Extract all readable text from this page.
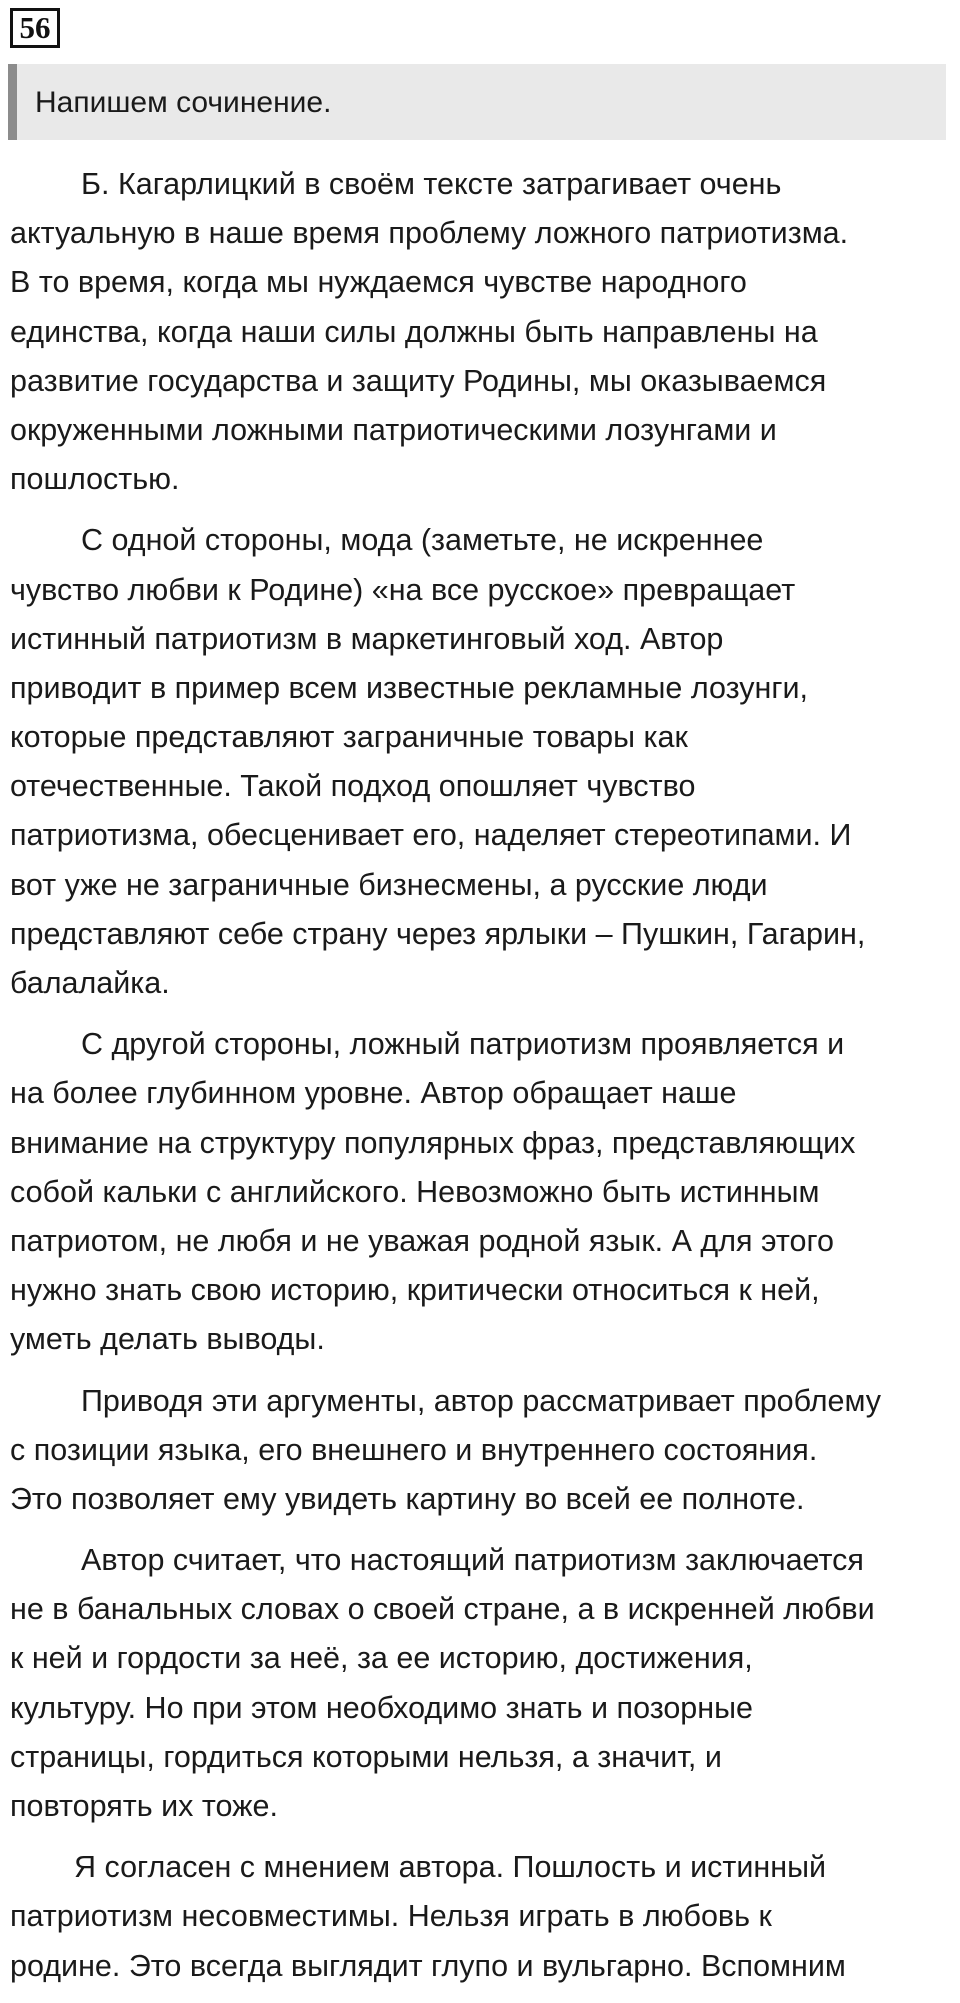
56
Напишем сочинение.

Б. Кагарлицкий в своём тексте затрагивает очень
актуальную в наше время проблему ложного патриотизма.
В то время, когда мы нуждаемся чувстве народного
единства, когда наши силы должны быть направлены на
развитие государства и защиту Родины, мы оказываемся
окруженными ложными патриотическими лозунгами и
пошлостью.

С одной стороны, мода (заметьте, не искреннее
чувство любви к Родине) «на все русское» превращает
истинный патриотизм в маркетинговый ход. Автор
приводит в пример всем известные рекламные лозунги,
которые представляют заграничные товары как
отечественные. Такой подход опошляет чувство
патриотизма, обесценивает его, наделяет стереотипами. И
вот уже не заграничные бизнесмены, а русские люди
представляют себе страну через ярлыки – Пушкин, Гагарин,
балалайка.

С другой стороны, ложный патриотизм проявляется и
на более глубинном уровне. Автор обращает наше
внимание на структуру популярных фраз, представляющих
собой кальки с английского. Невозможно быть истинным
патриотом, не любя и не уважая родной язык. А для этого
нужно знать свою историю, критически относиться к ней,
уметь делать выводы.

Приводя эти аргументы, автор рассматривает проблему
с позиции языка, его внешнего и внутреннего состояния.
Это позволяет ему увидеть картину во всей ее полноте.

Автор считает, что настоящий патриотизм заключается
не в банальных словах о своей стране, а в искренней любви
к ней и гордости за неё, за ее историю, достижения,
культуру. Но при этом необходимо знать и позорные
страницы, гордиться которыми нельзя, а значит, и
повторять их тоже.

Я согласен с мнением автора. Пошлость и истинный
патриотизм несовместимы. Нельзя играть в любовь к
родине. Это всегда выглядит глупо и вульгарно. Вспомним
